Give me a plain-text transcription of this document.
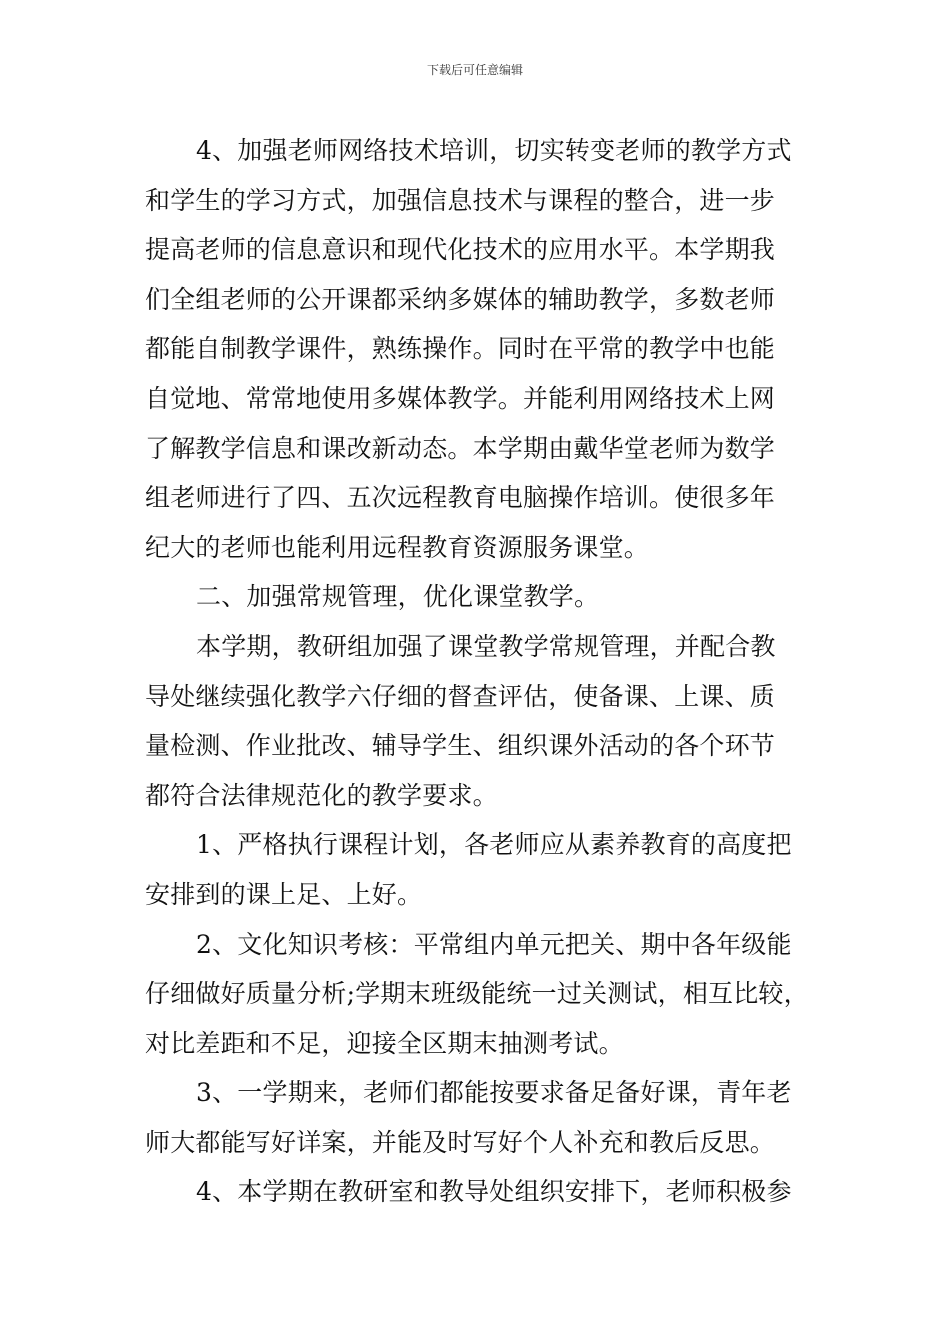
下载后可任意编辑
4、加强老师网络技术培训，切实转变老师的教学方式
和学生的学习方式，加强信息技术与课程的整合，进一步
提高老师的信息意识和现代化技术的应用水平。本学期我
们全组老师的公开课都采纳多媒体的辅助教学，多数老师
都能自制教学课件，熟练操作。同时在平常的教学中也能
自觉地、常常地使用多媒体教学。并能利用网络技术上网
了解教学信息和课改新动态。本学期由戴华堂老师为数学
组老师进行了四、五次远程教育电脑操作培训。使很多年
纪大的老师也能利用远程教育资源服务课堂。
二、加强常规管理，优化课堂教学。
本学期，教研组加强了课堂教学常规管理，并配合教
导处继续强化教学六仔细的督查评估，使备课、上课、质
量检测、作业批改、辅导学生、组织课外活动的各个环节
都符合法律规范化的教学要求。
1、严格执行课程计划，各老师应从素养教育的高度把
安排到的课上足、上好。
2、文化知识考核：平常组内单元把关、期中各年级能
仔细做好质量分析;学期末班级能统一过关测试，相互比较，
对比差距和不足，迎接全区期末抽测考试。
3、一学期来，老师们都能按要求备足备好课，青年老
师大都能写好详案，并能及时写好个人补充和教后反思。
4、本学期在教研室和教导处组织安排下，老师积极参
